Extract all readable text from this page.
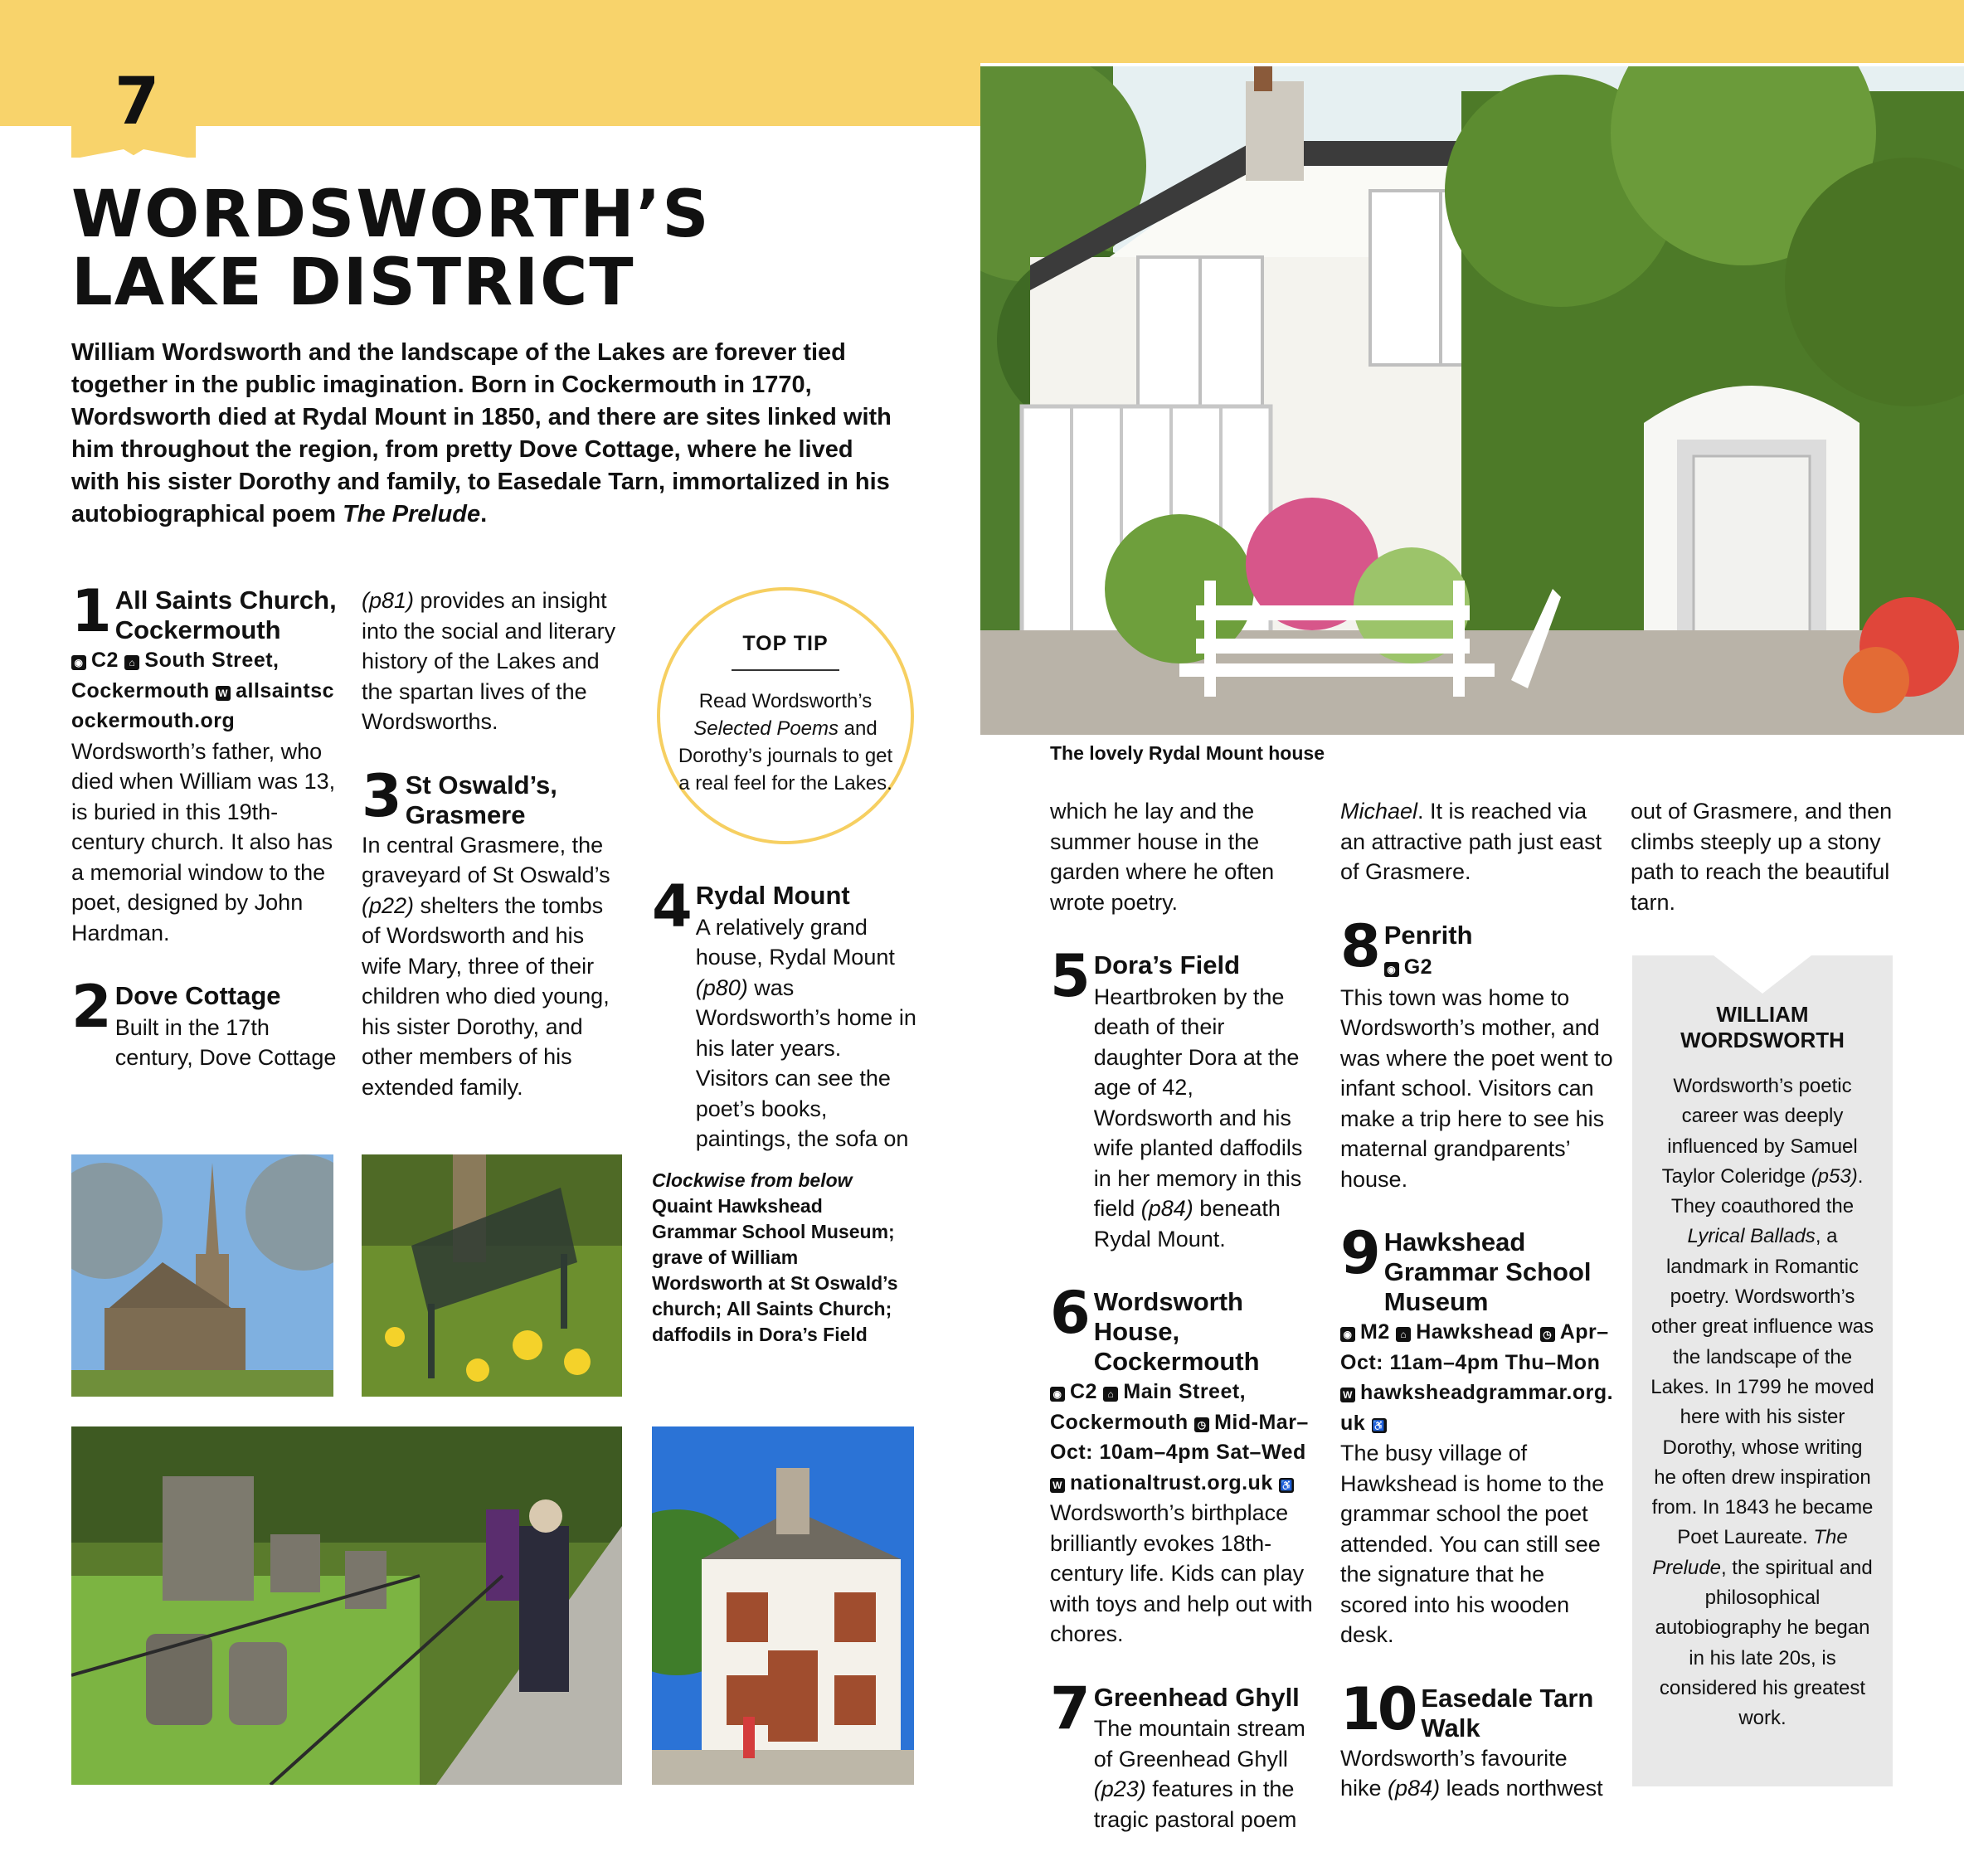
7
WORDSWORTH’S
LAKE DISTRICT

William Wordsworth and the landscape of the Lakes are forever tied together in the public imagination. Born in Cockermouth in 1770, Wordsworth died at Rydal Mount in 1850, and there are sites linked with him throughout the region, from pretty Dove Cottage, where he lived with his sister Dorothy and family, to Easedale Tarn, immortalized in his autobiographical poem The Prelude.

The lovely Rydal Mount house
1 All Saints Church, Cockermouth
◉ C2 ⌂ South Street, Cockermouth W allsaintscockermouth.org

Wordsworth’s father, who died when William was 13, is buried in this 19th-century church. It also has a memorial window to the poet, designed by John Hardman.

2 Dove Cottage
Built in the 17th century, Dove Cottage

(p81) provides an insight into the social and literary history of the Lakes and the spartan lives of the Wordsworths.

3 St Oswald’s, Grasmere

In central Grasmere, the graveyard of St Oswald’s (p22) shelters the tombs of Wordsworth and his wife Mary, three of their children who died young, his sister Dorothy, and other members of his extended family.

TOP TIP
Read Wordsworth’s Selected Poems and Dorothy’s journals to get a real feel for the Lakes.
4 Rydal Mount
A relatively grand house, Rydal Mount (p80) was Wordsworth’s home in his later years. Visitors can see the poet’s books, paintings, the sofa on
Clockwise from below
Quaint Hawkshead Grammar School Museum; grave of William Wordsworth at St Oswald’s church; All Saints Church; daffodils in Dora’s Field

which he lay and the summer house in the garden where he often wrote poetry.

5 Dora’s Field
Heartbroken by the death of their daughter Dora at the age of 42, Wordsworth and his wife planted daffodils in her memory in this field (p84) beneath Rydal Mount.
6 Wordsworth House, Cockermouth
◉ C2 ⌂ Main Street, Cockermouth ◷ Mid-Mar–Oct: 10am–4pm Sat–Wed W nationaltrust.org.uk ♿

Wordsworth’s birthplace brilliantly evokes 18th-century life. Kids can play with toys and help out with chores.

7 Greenhead Ghyll
The mountain stream of Greenhead Ghyll (p23) features in the tragic pastoral poem

Michael. It is reached via an attractive path just east of Grasmere.

8 Penrith
◉ G2

This town was home to Wordsworth’s mother, and was where the poet went to infant school. Visitors can make a trip here to see his maternal grandparents’ house.

9 Hawkshead Grammar School Museum
◉ M2 ⌂ Hawkshead ◷ Apr–Oct: 11am–4pm Thu–Mon W hawksheadgrammar.org.uk ♿

The busy village of Hawkshead is home to the grammar school the poet attended. You can still see the signature that he scored into his wooden desk.

10 Easedale Tarn Walk

Wordsworth’s favourite hike (p84) leads northwest

out of Grasmere, and then climbs steeply up a stony path to reach the beautiful tarn.

WILLIAM
WORDSWORTH
Wordsworth’s poetic career was deeply influenced by Samuel Taylor Coleridge (p53). They coauthored the Lyrical Ballads, a landmark in Romantic poetry. Wordsworth’s other great influence was the landscape of the Lakes. In 1799 he moved here with his sister Dorothy, whose writing he often drew inspiration from. In 1843 he became Poet Laureate. The Prelude, the spiritual and philosophical autobiography he began in his late 20s, is considered his greatest work.
